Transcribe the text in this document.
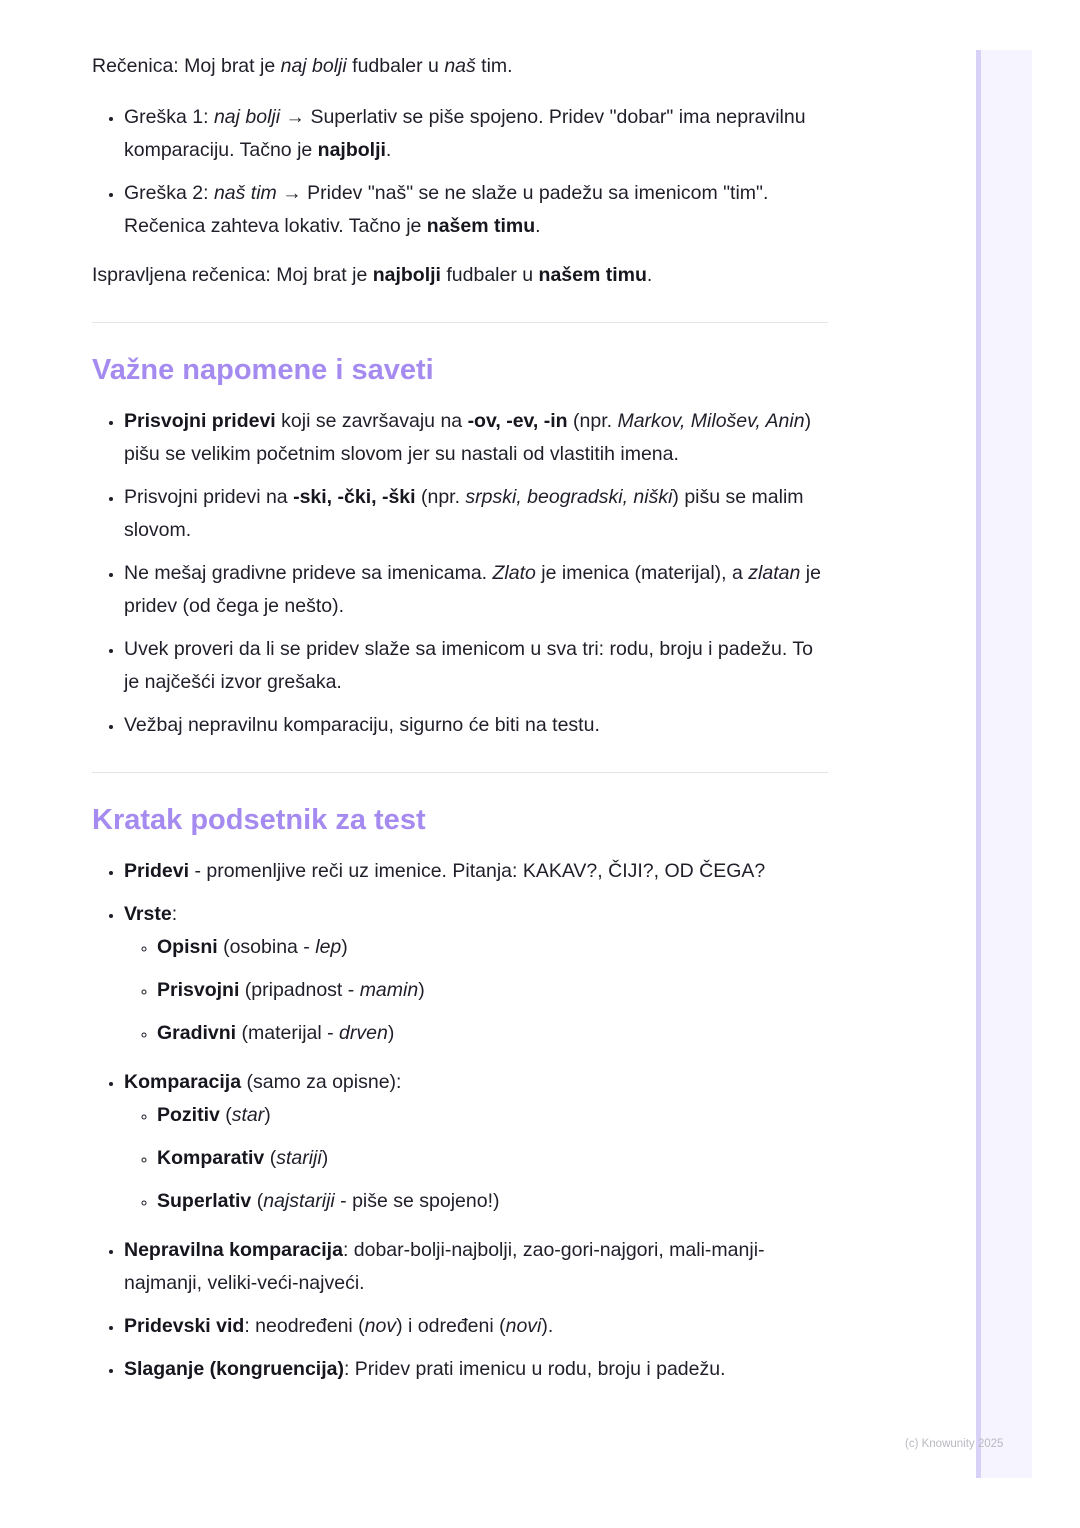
Rečenica: Moj brat je naj bolji fudbaler u naš tim.

• Greška 1: naj bolji → Superlativ se piše spojeno. Pridev "dobar" ima nepravilnu komparaciju. Tačno je najbolji.
• Greška 2: naš tim → Pridev "naš" se ne slaže u padežu sa imenicom "tim". Rečenica zahteva lokativ. Tačno je našem timu.

Ispravljena rečenica: Moj brat je najbolji fudbaler u našem timu.

Važne napomene i saveti
• Prisvojni pridevi koji se završavaju na -ov, -ev, -in (npr. Markov, Milošev, Anin) pišu se velikim početnim slovom jer su nastali od vlastitih imena.
• Prisvojni pridevi na -ski, -čki, -ški (npr. srpski, beogradski, niški) pišu se malim slovom.
• Ne mešaj gradivne prideve sa imenicama. Zlato je imenica (materijal), a zlatan je pridev (od čega je nešto).
• Uvek proveri da li se pridev slaže sa imenicom u sva tri: rodu, broju i padežu. To je najčešći izvor grešaka.
• Vežbaj nepravilnu komparaciju, sigurno će biti na testu.
Kratak podsetnik za test
• Pridevi - promenljive reči uz imenice. Pitanja: KAKAV?, ČIJI?, OD ČEGA?
• Vrste:
◦ Opisni (osobina - lep)
◦ Prisvojni (pripadnost - mamin)
◦ Gradivni (materijal - drven)
• Komparacija (samo za opisne):
◦ Pozitiv (star)
◦ Komparativ (stariji)
◦ Superlativ (najstariji - piše se spojeno!)
• Nepravilna komparacija: dobar-bolji-najbolji, zao-gori-najgori, mali-manji-najmanji, veliki-veći-najveći.
• Pridevski vid: neodređeni (nov) i određeni (novi).
• Slaganje (kongruencija): Pridev prati imenicu u rodu, broju i padežu.
(c) Knowunity 2025
